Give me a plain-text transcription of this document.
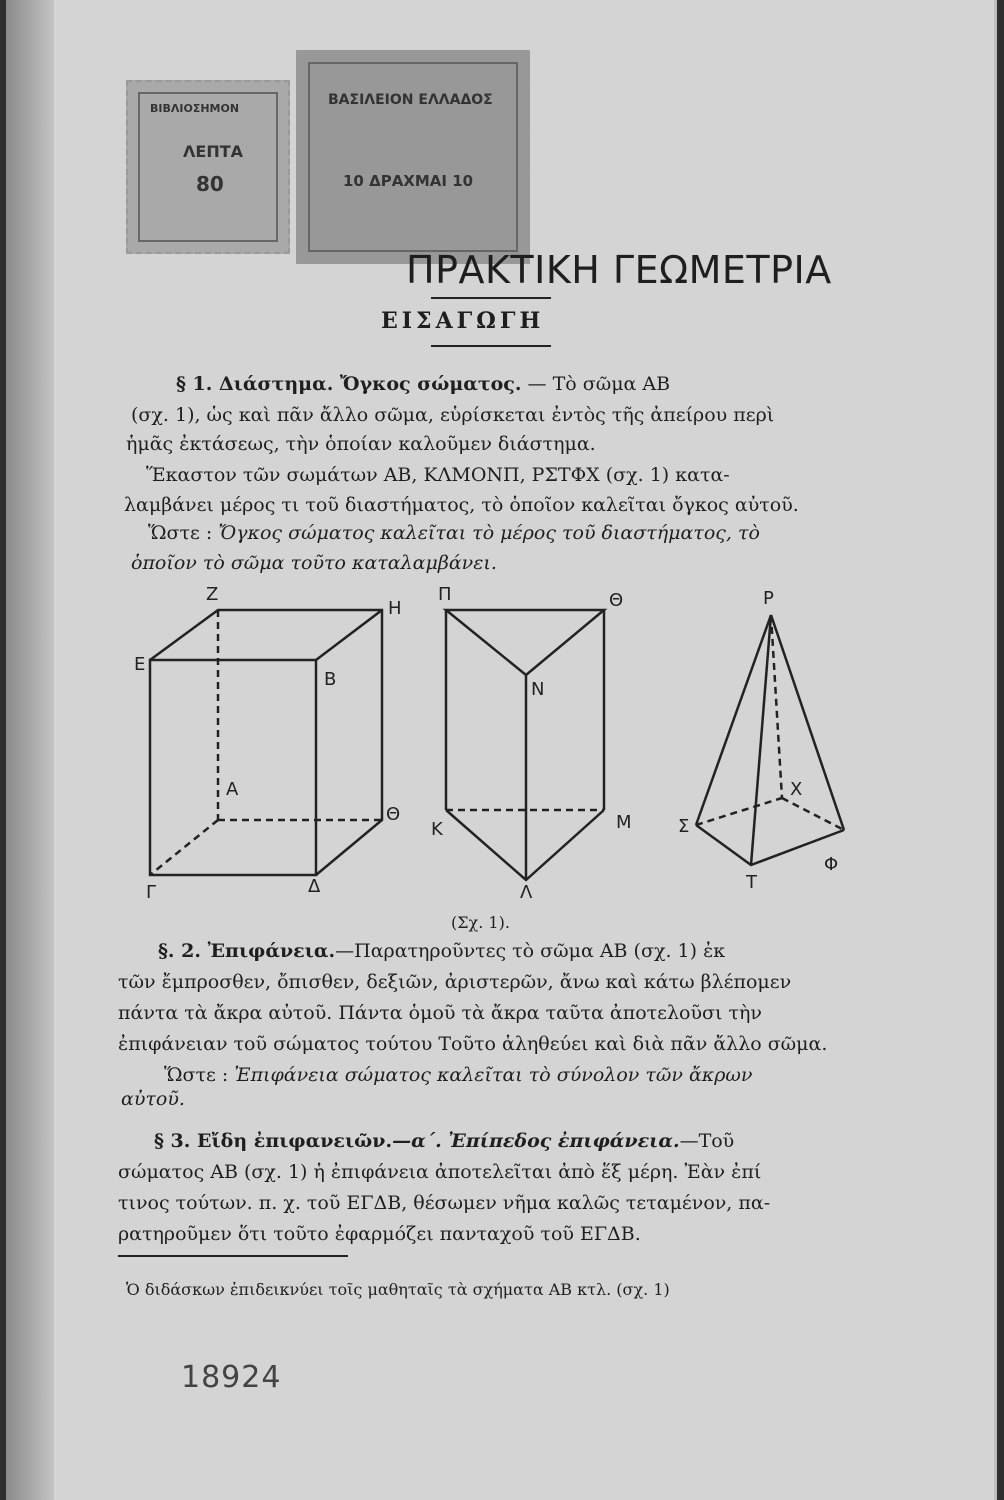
ΒΙΒΛΙΟΣΗΜΟΝ
ΛΕΠΤΑ
80
ΒΑΣΙΛΕΙΟΝ ΕΛΛΑΔΟΣ
10 ΔΡΑΧΜΑΙ 10
ΠΡΑΚΤΙΚΗ ΓΕΩΜΕΤΡΙΑ
ΕΙΣΑΓΩΓΗ
§ 1. Διάστημα. Ὄγκος σώματος. — Τὸ σῶμα ΑΒ
(σχ. 1), ὡς καὶ πᾶν ἄλλο σῶμα, εὑρίσκεται ἐντὸς τῆς ἀπείρου περὶ
ἡμᾶς ἐκτάσεως, τὴν ὁποίαν καλοῦμεν διάστημα.
Ἕκαστον τῶν σωμάτων ΑΒ, ΚΛΜΟΝΠ, ΡΣΤΦΧ (σχ. 1) κατα-
λαμβάνει μέρος τι τοῦ διαστήματος, τὸ ὁποῖον καλεῖται ὄγκος αὐτοῦ.
Ὥστε : Ὄγκος σώματος καλεῖται τὸ μέρος τοῦ διαστήματος, τὸ
ὁποῖον τὸ σῶμα τοῦτο καταλαμβάνει.
Ζ
Η
Ε
Β
Α
Θ
Γ	Δ
Π	Θ
Ν
Κ	Μ
Λ
Ρ
Σ
Χ
Φ
Τ
(Σχ. 1).
§. 2. Ἐπιφάνεια.—Παρατηροῦντες τὸ σῶμα ΑΒ (σχ. 1) ἐκ
τῶν ἔμπροσθεν, ὄπισθεν, δεξιῶν, ἀριστερῶν, ἄνω καὶ κάτω βλέπομεν
πάντα τὰ ἄκρα αὐτοῦ. Πάντα ὁμοῦ τὰ ἄκρα ταῦτα ἀποτελοῦσι τὴν
ἐπιφάνειαν τοῦ σώματος τούτου Τοῦτο ἀληθεύει καὶ διὰ πᾶν ἄλλο σῶμα.
Ὥστε : Ἐπιφάνεια σώματος καλεῖται τὸ σύνολον τῶν ἄκρων
αὐτοῦ.
§ 3. Εἴδη ἐπιφανειῶν.—α΄. Ἐπίπεδος ἐπιφάνεια.—Τοῦ
σώματος ΑΒ (σχ. 1) ἡ ἐπιφάνεια ἀποτελεῖται ἀπὸ ἕξ μέρη. Ἐὰν ἐπί
τινος τούτων. π. χ. τοῦ ΕΓΔΒ, θέσωμεν νῆμα καλῶς τεταμένον, πα-
ρατηροῦμεν ὅτι τοῦτο ἐφαρμόζει πανταχοῦ τοῦ ΕΓΔΒ.
Ὁ διδάσκων ἐπιδεικνύει τοῖς μαθηταῖς τὰ σχήματα ΑΒ κτλ. (σχ. 1)
18924
